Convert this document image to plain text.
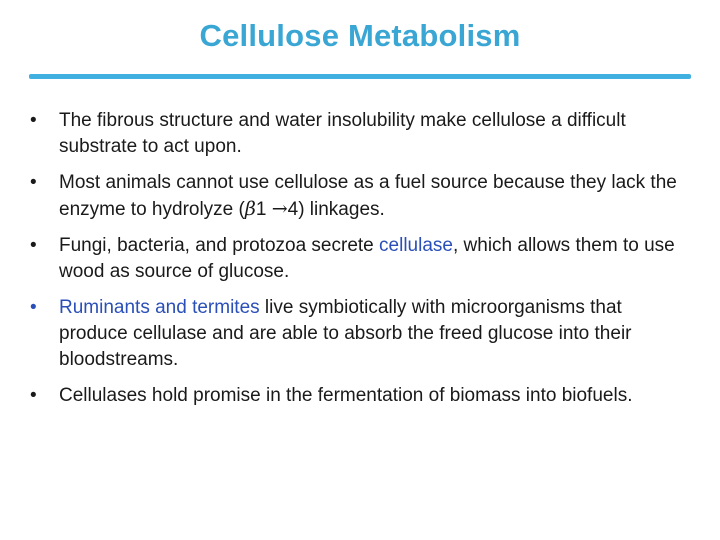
Cellulose Metabolism
•	The fibrous structure and water insolubility make cellulose a difficult substrate to act upon.
•	Most animals cannot use cellulose as a fuel source because they lack the enzyme to hydrolyze (β1 →4) linkages.
•	Fungi, bacteria, and protozoa secrete cellulase, which allows them to use wood as source of glucose.
•	Ruminants and termites live symbiotically with microorganisms that produce cellulase and are able to absorb the freed glucose into their bloodstreams.
•	Cellulases hold promise in the fermentation of biomass into biofuels.
